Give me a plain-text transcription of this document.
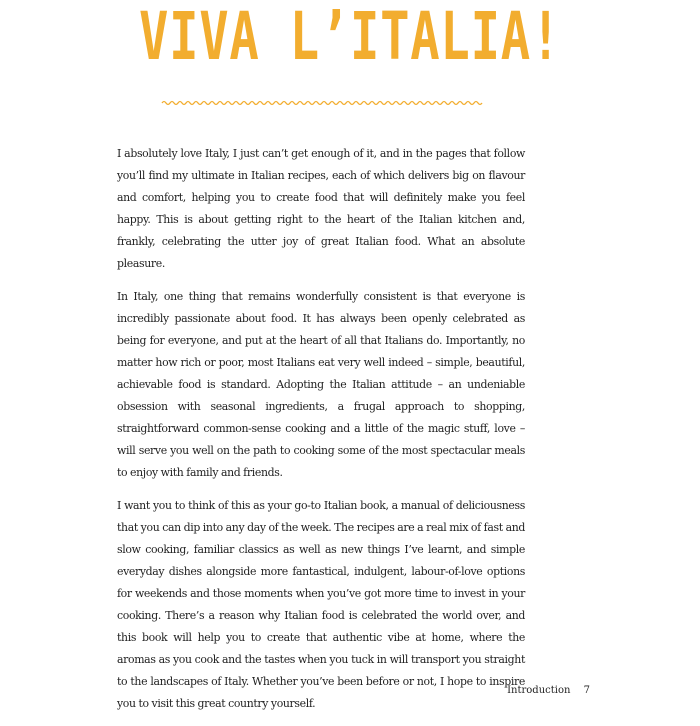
VIVA L’ITALIA!

I absolutely love Italy, I just can’t get enough of it, and in the pages that follow you’ll find my ultimate in Italian recipes, each of which delivers big on flavour and comfort, helping you to create food that will definitely make you feel happy. This is about getting right to the heart of the Italian kitchen and, frankly, celebrating the utter joy of great Italian food. What an absolute pleasure.

In Italy, one thing that remains wonderfully consistent is that everyone is incredibly passionate about food. It has always been openly celebrated as being for everyone, and put at the heart of all that Italians do. Importantly, no matter how rich or poor, most Italians eat very well indeed – simple, beautiful, achievable food is standard. Adopting the Italian attitude – an undeniable obsession with seasonal ingredients, a frugal approach to shopping, straightforward common-sense cooking and a little of the magic stuff, love – will serve you well on the path to cooking some of the most spectacular meals to enjoy with family and friends.

I want you to think of this as your go-to Italian book, a manual of deliciousness that you can dip into any day of the week. The recipes are a real mix of fast and slow cooking, familiar classics as well as new things I’ve learnt, and simple everyday dishes alongside more fantastical, indulgent, labour-of-love options for weekends and those moments when you’ve got more time to invest in your cooking. There’s a reason why Italian food is celebrated the world over, and this book will help you to create that authentic vibe at home, where the aromas as you cook and the tastes when you tuck in will transport you straight to the landscapes of Italy. Whether you’ve been before or not, I hope to inspire you to visit this great country yourself.

Introduction 7
